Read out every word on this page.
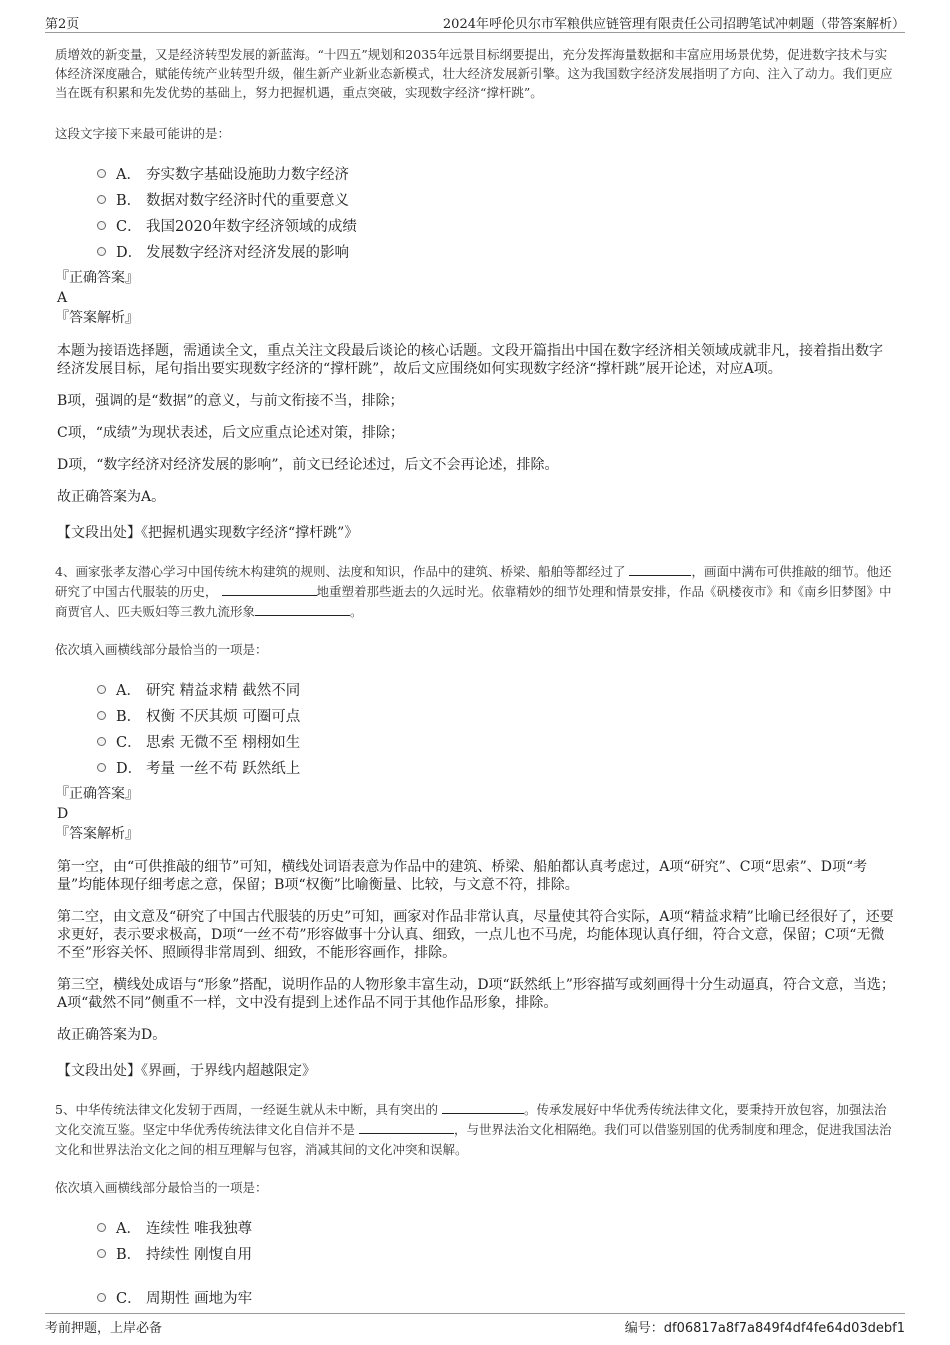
第2页	2024年呼伦贝尔市军粮供应链管理有限责任公司招聘笔试冲刺题（带答案解析）

质增效的新变量，又是经济转型发展的新蓝海。“十四五”规划和2035年远景目标纲要提出，充分发挥海量数据和丰富应用场景优势，促进数字技术与实体经济深度融合，赋能传统产业转型升级，催生新产业新业态新模式，壮大经济发展新引擎。这为我国数字经济发展指明了方向、注入了动力。我们更应当在既有积累和先发优势的基础上，努力把握机遇，重点突破，实现数字经济“撑杆跳”。

这段文字接下来最可能讲的是：

A． 夯实数字基础设施助力数字经济
B． 数据对数字经济时代的重要意义
C． 我国2020年数字经济领域的成绩
D． 发展数字经济对经济发展的影响

『正确答案』

A

『答案解析』

本题为接语选择题，需通读全文，重点关注文段最后谈论的核心话题。文段开篇指出中国在数字经济相关领域成就非凡，接着指出数字经济发展目标，尾句指出要实现数字经济的“撑杆跳”，故后文应围绕如何实现数字经济“撑杆跳”展开论述，对应A项。

B项，强调的是“数据”的意义，与前文衔接不当，排除；

C项，“成绩”为现状表述，后文应重点论述对策，排除；

D项，“数字经济对经济发展的影响”，前文已经论述过，后文不会再论述，排除。

故正确答案为A。

【文段出处】《把握机遇实现数字经济“撑杆跳”》

4、画家张孝友潜心学习中国传统木构建筑的规则、法度和知识，作品中的建筑、桥梁、船舶等都经过了	，画面中满布可供推敲的细节。他还研究了中国古代服装的历史，	地重塑着那些逝去的久远时光。依靠精妙的细节处理和情景安排，作品《矾楼夜市》和《南乡旧梦图》中商贾官人、匹夫贩妇等三教九流形象	。

依次填入画横线部分最恰当的一项是：

A． 研究 精益求精 截然不同
B． 权衡 不厌其烦 可圈可点
C． 思索 无微不至 栩栩如生
D． 考量 一丝不苟 跃然纸上

『正确答案』

D

『答案解析』

第一空，由“可供推敲的细节”可知，横线处词语表意为作品中的建筑、桥梁、船舶都认真考虑过，A项“研究”、C项“思索”、D项“考量”均能体现仔细考虑之意，保留；B项“权衡”比喻衡量、比较，与文意不符，排除。

第二空，由文意及“研究了中国古代服装的历史”可知，画家对作品非常认真，尽量使其符合实际，A项“精益求精”比喻已经很好了，还要求更好，表示要求极高，D项“一丝不苟”形容做事十分认真、细致，一点儿也不马虎，均能体现认真仔细，符合文意，保留；C项“无微不至”形容关怀、照顾得非常周到、细致，不能形容画作，排除。

第三空，横线处成语与“形象”搭配，说明作品的人物形象丰富生动，D项“跃然纸上”形容描写或刻画得十分生动逼真，符合文意，当选；A项“截然不同”侧重不一样，文中没有提到上述作品不同于其他作品形象，排除。

故正确答案为D。

【文段出处】《界画，于界线内超越限定》

5、中华传统法律文化发轫于西周，一经诞生就从未中断，具有突出的	。传承发展好中华优秀传统法律文化，要秉持开放包容，加强法治文化交流互鉴。坚定中华优秀传统法律文化自信并不是	，与世界法治文化相隔绝。我们可以借鉴别国的优秀制度和理念，促进我国法治文化和世界法治文化之间的相互理解与包容，消减其间的文化冲突和误解。

依次填入画横线部分最恰当的一项是：

A． 连续性 唯我独尊
B． 持续性 刚愎自用
C． 周期性 画地为牢
考前押题，上岸必备	编号：df06817a8f7a849f4df4fe64d03debf1
